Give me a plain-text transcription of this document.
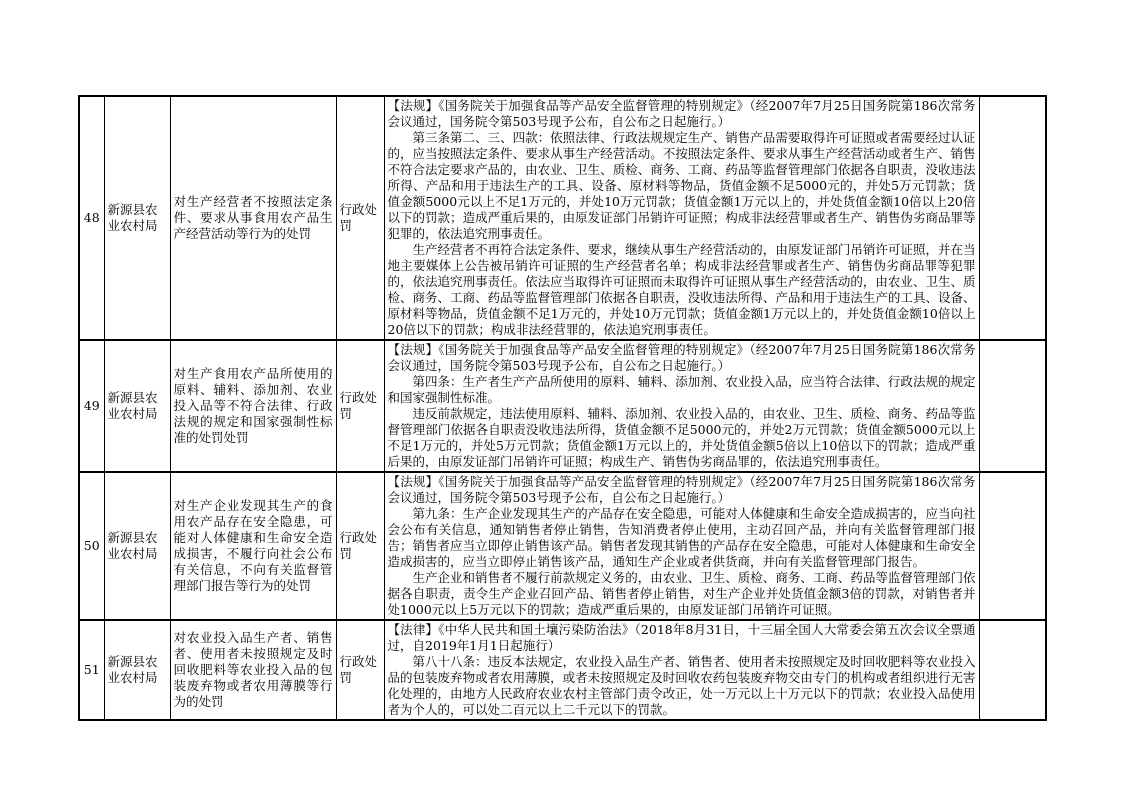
48	新源县农业农村局	对生产经营者不按照法定条件、要求从事食用农产品生产经营活动等行为的处罚	行政处罚	【法规】《国务院关于加强食品等产品安全监督管理的特别规定》（经2007年7月25日国务院第186次常务会议通过，国务院令第503号现予公布，自公布之日起施行。）

第三条第二、三、四款：依照法律、行政法规规定生产、销售产品需要取得许可证照或者需要经过认证的，应当按照法定条件、要求从事生产经营活动。不按照法定条件、要求从事生产经营活动或者生产、销售不符合法定要求产品的，由农业、卫生、质检、商务、工商、药品等监督管理部门依据各自职责，没收违法所得、产品和用于违法生产的工具、设备、原材料等物品，货值金额不足5000元的，并处5万元罚款；货值金额5000元以上不足1万元的，并处10万元罚款；货值金额1万元以上的，并处货值金额10倍以上20倍以下的罚款；造成严重后果的，由原发证部门吊销许可证照；构成非法经营罪或者生产、销售伪劣商品罪等犯罪的，依法追究刑事责任。

生产经营者不再符合法定条件、要求，继续从事生产经营活动的，由原发证部门吊销许可证照，并在当地主要媒体上公告被吊销许可证照的生产经营者名单；构成非法经营罪或者生产、销售伪劣商品罪等犯罪的，依法追究刑事责任。依法应当取得许可证照而未取得许可证照从事生产经营活动的，由农业、卫生、质检、商务、工商、药品等监督管理部门依据各自职责，没收违法所得、产品和用于违法生产的工具、设备、原材料等物品，货值金额不足1万元的，并处10万元罚款；货值金额1万元以上的，并处货值金额10倍以上20倍以下的罚款；构成非法经营罪的，依法追究刑事责任。	

49	新源县农业农村局	对生产食用农产品所使用的原料、辅料、添加剂、农业投入品等不符合法律、行政法规的规定和国家强制性标准的处罚处罚	行政处罚	【法规】《国务院关于加强食品等产品安全监督管理的特别规定》（经2007年7月25日国务院第186次常务会议通过，国务院令第503号现予公布，自公布之日起施行。）

第四条：生产者生产产品所使用的原料、辅料、添加剂、农业投入品，应当符合法律、行政法规的规定和国家强制性标准。

违反前款规定，违法使用原料、辅料、添加剂、农业投入品的，由农业、卫生、质检、商务、药品等监督管理部门依据各自职责没收违法所得，货值金额不足5000元的，并处2万元罚款；货值金额5000元以上不足1万元的，并处5万元罚款；货值金额1万元以上的，并处货值金额5倍以上10倍以下的罚款；造成严重后果的，由原发证部门吊销许可证照；构成生产、销售伪劣商品罪的，依法追究刑事责任。	

50	新源县农业农村局	对生产企业发现其生产的食用农产品存在安全隐患，可能对人体健康和生命安全造成损害，不履行向社会公布有关信息，不向有关监督管理部门报告等行为的处罚	行政处罚	【法规】《国务院关于加强食品等产品安全监督管理的特别规定》（经2007年7月25日国务院第186次常务会议通过，国务院令第503号现予公布，自公布之日起施行。）

第九条：生产企业发现其生产的产品存在安全隐患，可能对人体健康和生命安全造成损害的，应当向社会公布有关信息，通知销售者停止销售，告知消费者停止使用，主动召回产品，并向有关监督管理部门报告；销售者应当立即停止销售该产品。销售者发现其销售的产品存在安全隐患，可能对人体健康和生命安全造成损害的，应当立即停止销售该产品，通知生产企业或者供货商，并向有关监督管理部门报告。

生产企业和销售者不履行前款规定义务的，由农业、卫生、质检、商务、工商、药品等监督管理部门依据各自职责，责令生产企业召回产品、销售者停止销售，对生产企业并处货值金额3倍的罚款，对销售者并处1000元以上5万元以下的罚款；造成严重后果的，由原发证部门吊销许可证照。	

51	新源县农业农村局	对农业投入品生产者、销售者、使用者未按照规定及时回收肥料等农业投入品的包装废弃物或者农用薄膜等行为的处罚	行政处罚	【法律】《中华人民共和国土壤污染防治法》（2018年8月31日，十三届全国人大常委会第五次会议全票通过，自2019年1月1日起施行）

第八十八条：违反本法规定，农业投入品生产者、销售者、使用者未按照规定及时回收肥料等农业投入品的包装废弃物或者农用薄膜，或者未按照规定及时回收农药包装废弃物交由专门的机构或者组织进行无害化处理的，由地方人民政府农业农村主管部门责令改正，处一万元以上十万元以下的罚款；农业投入品使用者为个人的，可以处二百元以上二千元以下的罚款。	
